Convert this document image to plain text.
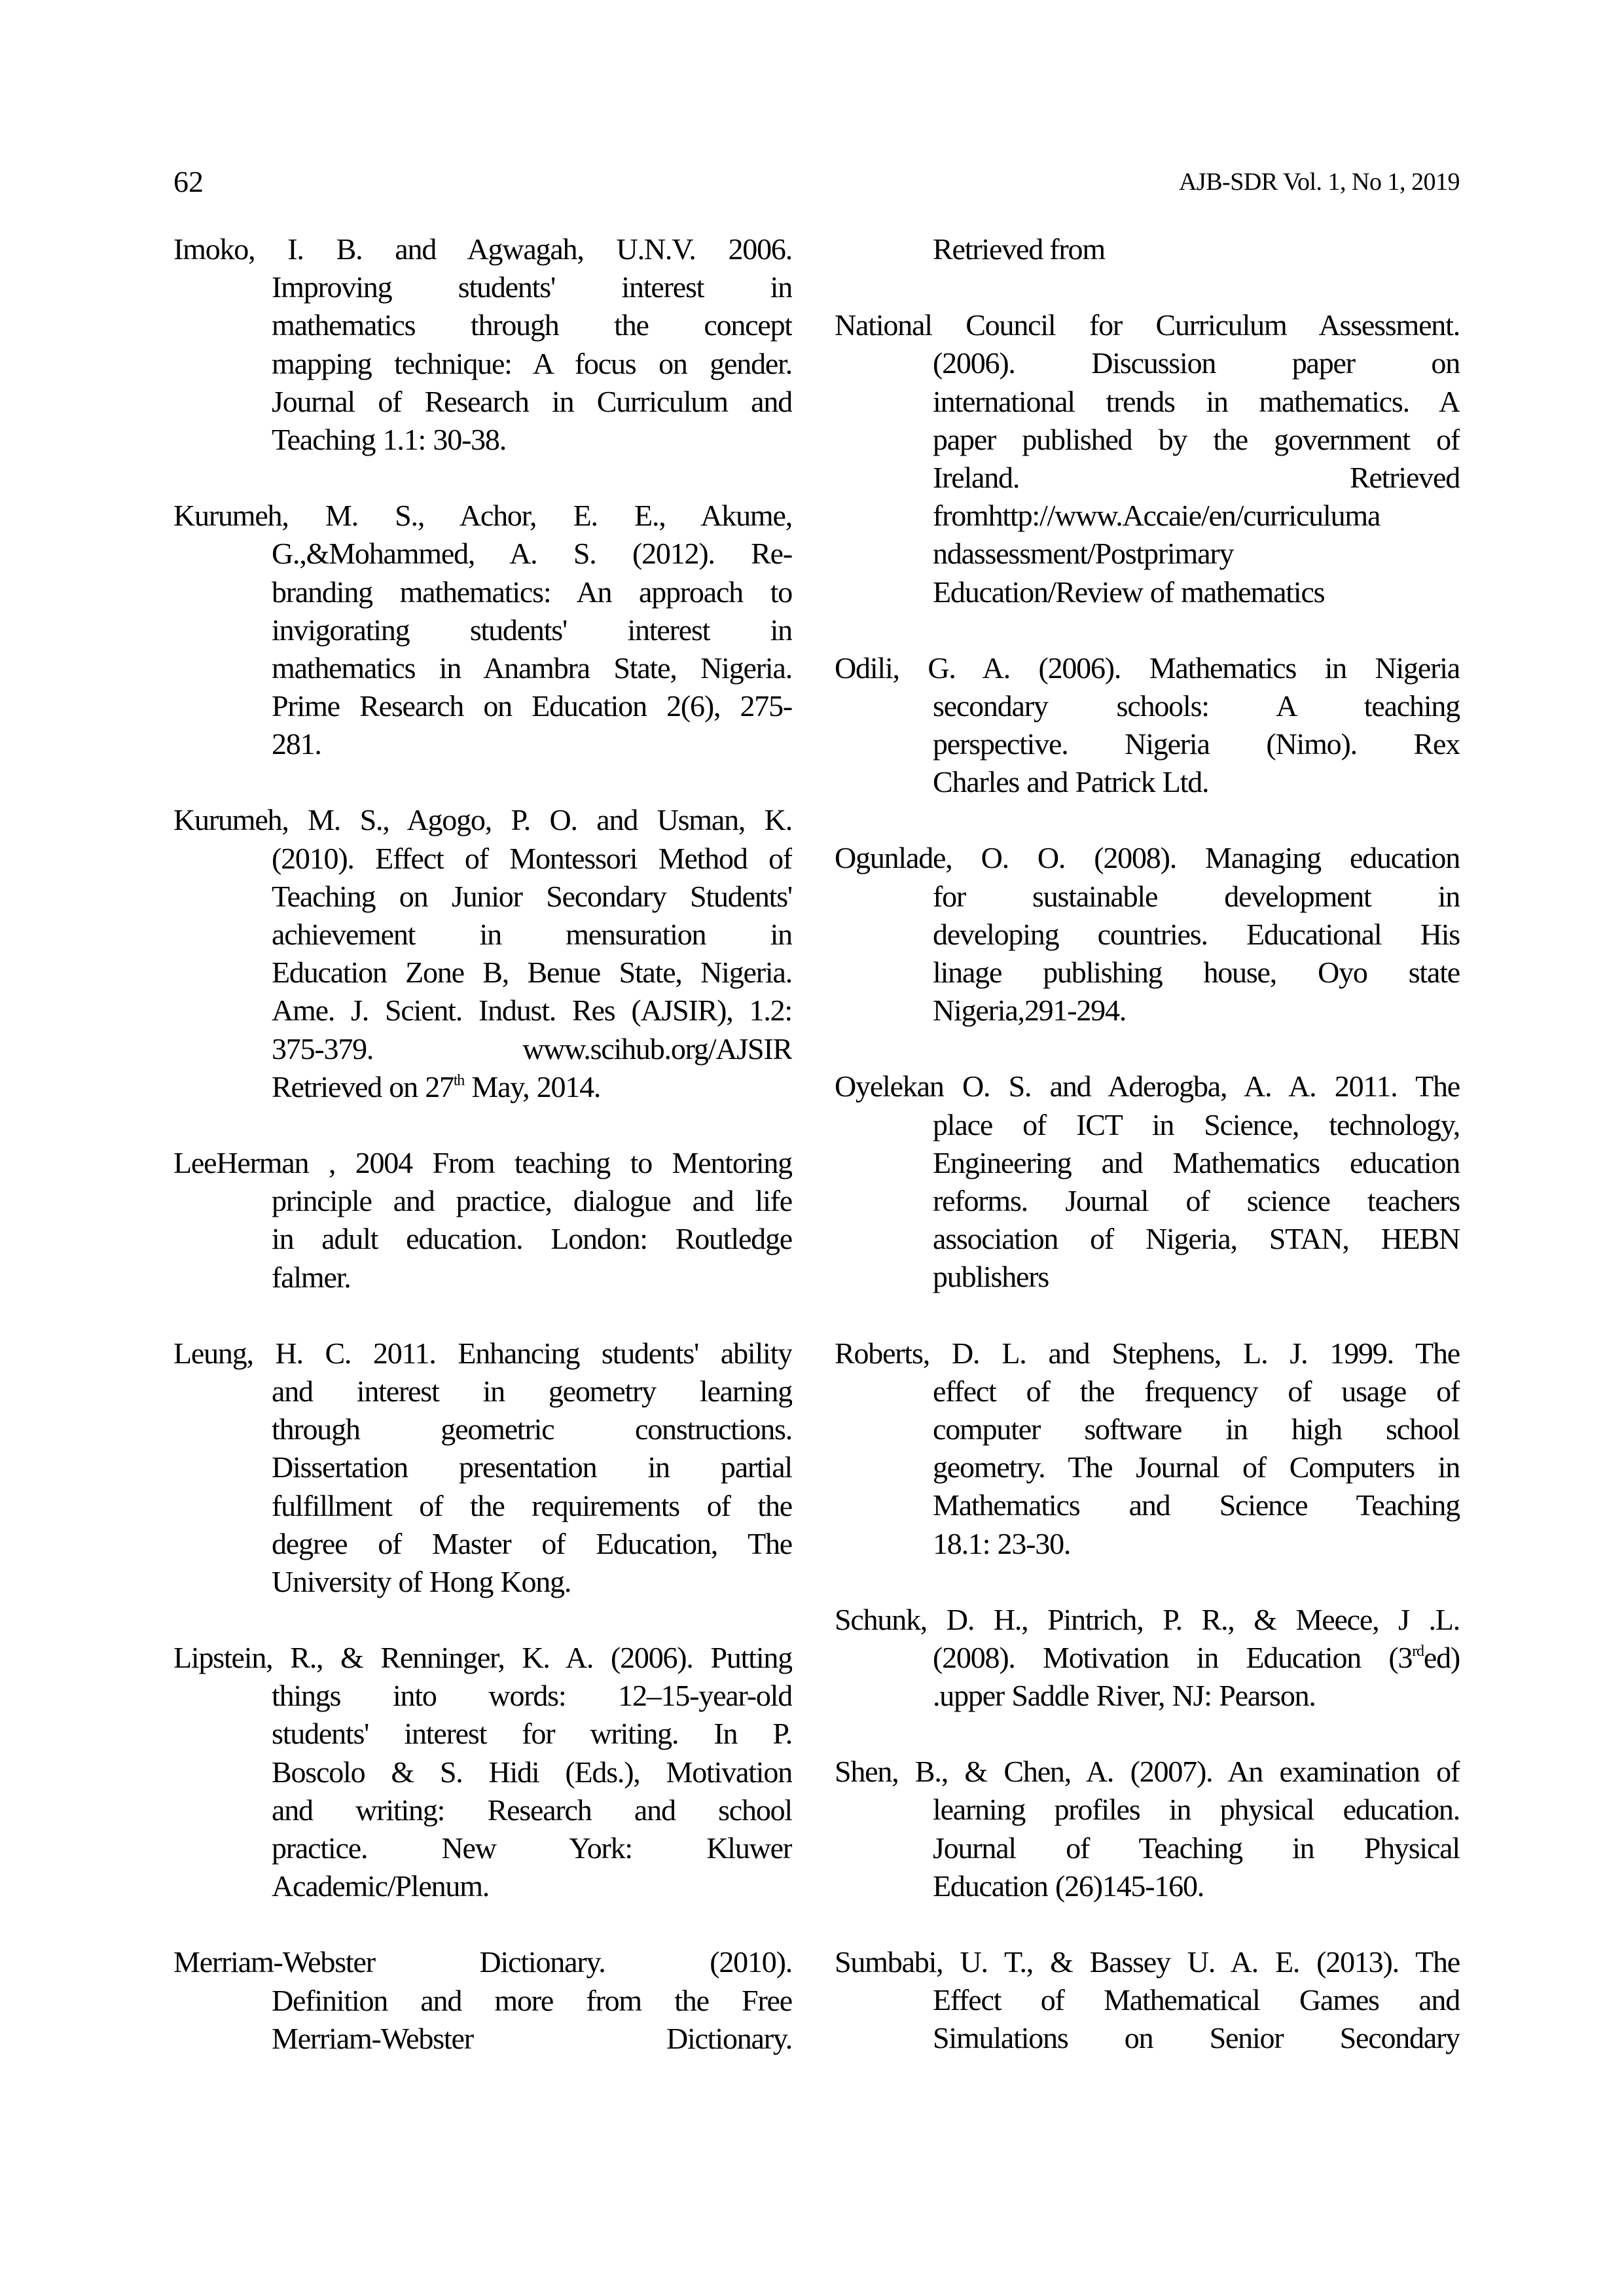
62	AJB-SDR Vol. 1, No 1, 2019
Imoko, I. B. and Agwagah, U.N.V. 2006.
Improving students' interest in
mathematics through the concept
mapping technique: A focus on gender.
Journal of Research in Curriculum and
Teaching 1.1: 30-38.
Kurumeh, M. S., Achor, E. E., Akume,
G.,&Mohammed, A. S. (2012). Re-
branding mathematics: An approach to
invigorating students' interest in
mathematics in Anambra State, Nigeria.
Prime Research on Education 2(6), 275-
281.
Kurumeh, M. S., Agogo, P. O. and Usman, K.
(2010). Effect of Montessori Method of
Teaching on Junior Secondary Students'
achievement in mensuration in
Education Zone B, Benue State, Nigeria.
Ame. J. Scient. Indust. Res (AJSIR), 1.2:
375-379. www.scihub.org/AJSIR
Retrieved on 27th May, 2014.
LeeHerman , 2004 From teaching to Mentoring
principle and practice, dialogue and life
in adult education. London: Routledge
falmer.
Leung, H. C. 2011. Enhancing students' ability
and interest in geometry learning
through geometric constructions.
Dissertation presentation in partial
fulfillment of the requirements of the
degree of Master of Education, The
University of Hong Kong.
Lipstein, R., & Renninger, K. A. (2006). Putting
things into words: 12–15-year-old
students' interest for writing. In P.
Boscolo & S. Hidi (Eds.), Motivation
and writing: Research and school
practice. New York: Kluwer
Academic/Plenum.
Merriam-Webster Dictionary. (2010).
Definition and more from the Free
Merriam-Webster Dictionary.
Retrieved from
National Council for Curriculum Assessment.
(2006). Discussion paper on
international trends in mathematics. A
paper published by the government of
Ireland. Retrieved
fromhttp://www.Accaie/en/curriculuma
ndassessment/Postprimary
Education/Review of mathematics
Odili, G. A. (2006). Mathematics in Nigeria
secondary schools: A teaching
perspective. Nigeria (Nimo). Rex
Charles and Patrick Ltd.
Ogunlade, O. O. (2008). Managing education
for sustainable development in
developing countries. Educational His
linage publishing house, Oyo state
Nigeria,291-294.
Oyelekan O. S. and Aderogba, A. A. 2011. The
place of ICT in Science, technology,
Engineering and Mathematics education
reforms. Journal of science teachers
association of Nigeria, STAN, HEBN
publishers
Roberts, D. L. and Stephens, L. J. 1999. The
effect of the frequency of usage of
computer software in high school
geometry. The Journal of Computers in
Mathematics and Science Teaching
18.1: 23-30.
Schunk, D. H., Pintrich, P. R., & Meece, J .L.
(2008). Motivation in Education (3rded)
.upper Saddle River, NJ: Pearson.
Shen, B., & Chen, A. (2007). An examination of
learning profiles in physical education.
Journal of Teaching in Physical
Education (26)145-160.
Sumbabi, U. T., & Bassey U. A. E. (2013). The
Effect of Mathematical Games and
Simulations on Senior Secondary
